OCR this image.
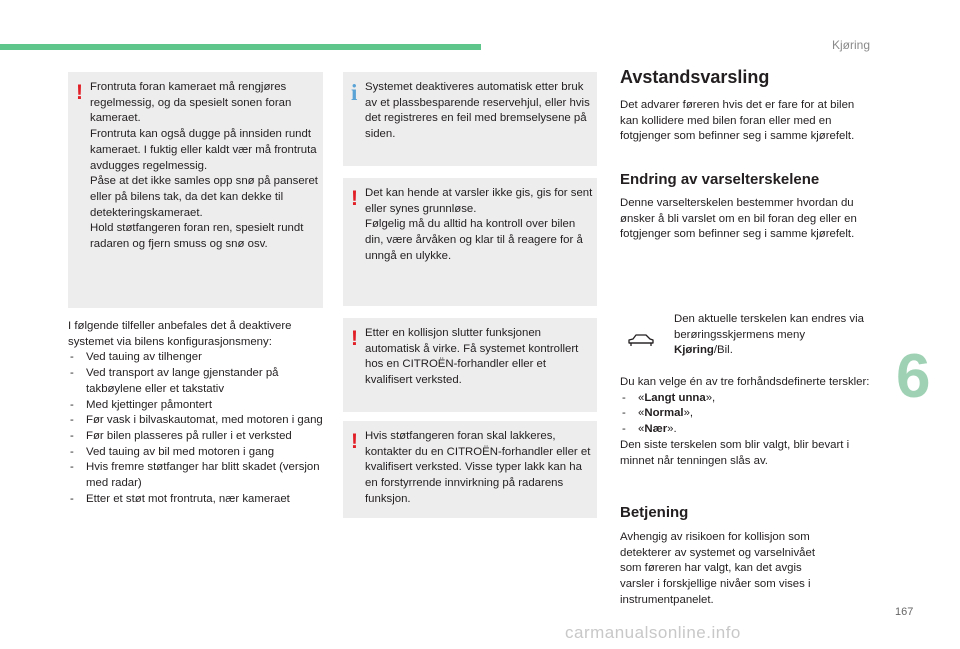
Kjøring
6
167
carmanualsonline.info
! Frontruta foran kameraet må rengjøres regelmessig, og da spesielt sonen foran kameraet.

Frontruta kan også dugge på innsiden rundt kameraet. I fuktig eller kaldt vær må frontruta avdugges regelmessig.

Påse at det ikke samles opp snø på panseret eller på bilens tak, da det kan dekke til detekteringskameraet.

Hold støtfangeren foran ren, spesielt rundt radaren og fjern smuss og snø osv.

I følgende tilfeller anbefales det å deaktivere systemet via bilens konfigurasjonsmeny:

- Ved tauing av tilhenger
- Ved transport av lange gjenstander på takbøylene eller et takstativ
- Med kjettinger påmontert
- Før vask i bilvaskautomat, med motoren i gang
- Før bilen plasseres på ruller i et verksted
- Ved tauing av bil med motoren i gang
- Hvis fremre støtfanger har blitt skadet (versjon med radar)
- Etter et støt mot frontruta, nær kameraet
i Systemet deaktiveres automatisk etter bruk av et plassbesparende reservehjul, eller hvis det registreres en feil med bremselysene på siden.

! Det kan hende at varsler ikke gis, gis for sent eller synes grunnløse.

Følgelig må du alltid ha kontroll over bilen din, være årvåken og klar til å reagere for å unngå en ulykke.

! Etter en kollisjon slutter funksjonen automatisk å virke. Få systemet kontrollert hos en CITROËN-forhandler eller et kvalifisert verksted.

! Hvis støtfangeren foran skal lakkeres, kontakter du en CITROËN-forhandler eller et kvalifisert verksted. Visse typer lakk kan ha en forstyrrende innvirkning på radarens funksjon.

Avstandsvarsling

Det advarer føreren hvis det er fare for at bilen kan kollidere med bilen foran eller med en fotgjenger som befinner seg i samme kjørefelt.

Endring av varselterskelene

Denne varselterskelen bestemmer hvordan du ønsker å bli varslet om en bil foran deg eller en fotgjenger som befinner seg i samme kjørefelt.

Den aktuelle terskelen kan endres via berøringsskjermens meny Kjøring/Bil.

Du kan velge én av tre forhåndsdefinerte terskler:

- «Langt unna»,
- «Normal»,
- «Nær».

Den siste terskelen som blir valgt, blir bevart i minnet når tenningen slås av.

Betjening

Avhengig av risikoen for kollisjon som detekterer av systemet og varselnivået som føreren har valgt, kan det avgis varsler i forskjellige nivåer som vises i instrumentpanelet.
